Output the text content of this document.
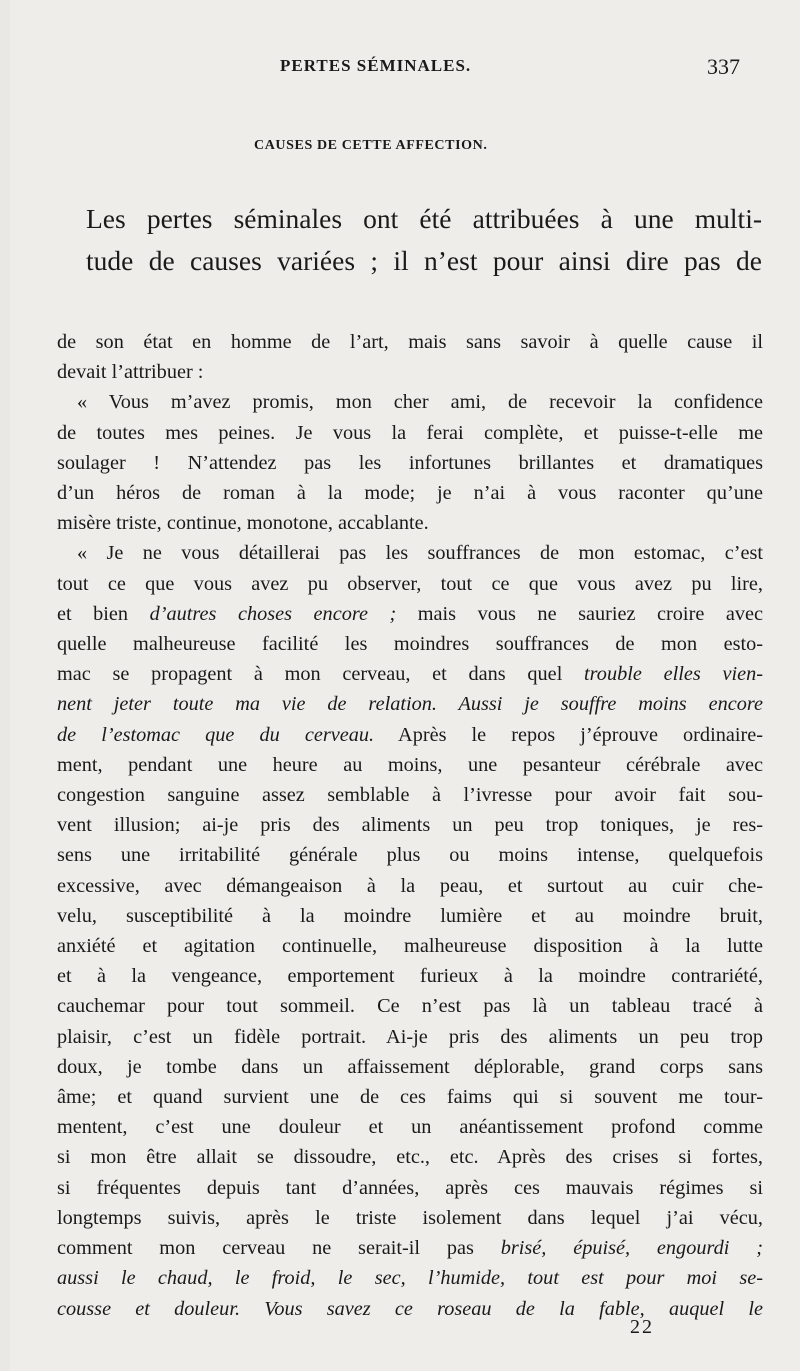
PERTES SÉMINALES.	337
CAUSES DE CETTE AFFECTION.
Les pertes séminales ont été attribuées à une multi-
tude de causes variées ; il n’est pour ainsi dire pas de
de son état en homme de l’art, mais sans savoir à quelle cause il
devait l’attribuer :
« Vous m’avez promis, mon cher ami, de recevoir la confidence
de toutes mes peines. Je vous la ferai complète, et puisse-t-elle me
soulager ! N’attendez pas les infortunes brillantes et dramatiques
d’un héros de roman à la mode; je n’ai à vous raconter qu’une
misère triste, continue, monotone, accablante.
« Je ne vous détaillerai pas les souffrances de mon estomac, c’est
tout ce que vous avez pu observer, tout ce que vous avez pu lire,
et bien d’autres choses encore ; mais vous ne sauriez croire avec
quelle malheureuse facilité les moindres souffrances de mon esto-
mac se propagent à mon cerveau, et dans quel trouble elles vien-
nent jeter toute ma vie de relation. Aussi je souffre moins encore
de l’estomac que du cerveau. Après le repos j’éprouve ordinaire-
ment, pendant une heure au moins, une pesanteur cérébrale avec
congestion sanguine assez semblable à l’ivresse pour avoir fait sou-
vent illusion; ai-je pris des aliments un peu trop toniques, je res-
sens une irritabilité générale plus ou moins intense, quelquefois
excessive, avec démangeaison à la peau, et surtout au cuir che-
velu, susceptibilité à la moindre lumière et au moindre bruit,
anxiété et agitation continuelle, malheureuse disposition à la lutte
et à la vengeance, emportement furieux à la moindre contrariété,
cauchemar pour tout sommeil. Ce n’est pas là un tableau tracé à
plaisir, c’est un fidèle portrait. Ai-je pris des aliments un peu trop
doux, je tombe dans un affaissement déplorable, grand corps sans
âme; et quand survient une de ces faims qui si souvent me tour-
mentent, c’est une douleur et un anéantissement profond comme
si mon être allait se dissoudre, etc., etc. Après des crises si fortes,
si fréquentes depuis tant d’années, après ces mauvais régimes si
longtemps suivis, après le triste isolement dans lequel j’ai vécu,
comment mon cerveau ne serait-il pas brisé, épuisé, engourdi ;
aussi le chaud, le froid, le sec, l’humide, tout est pour moi se-
cousse et douleur. Vous savez ce roseau de la fable, auquel le
22
